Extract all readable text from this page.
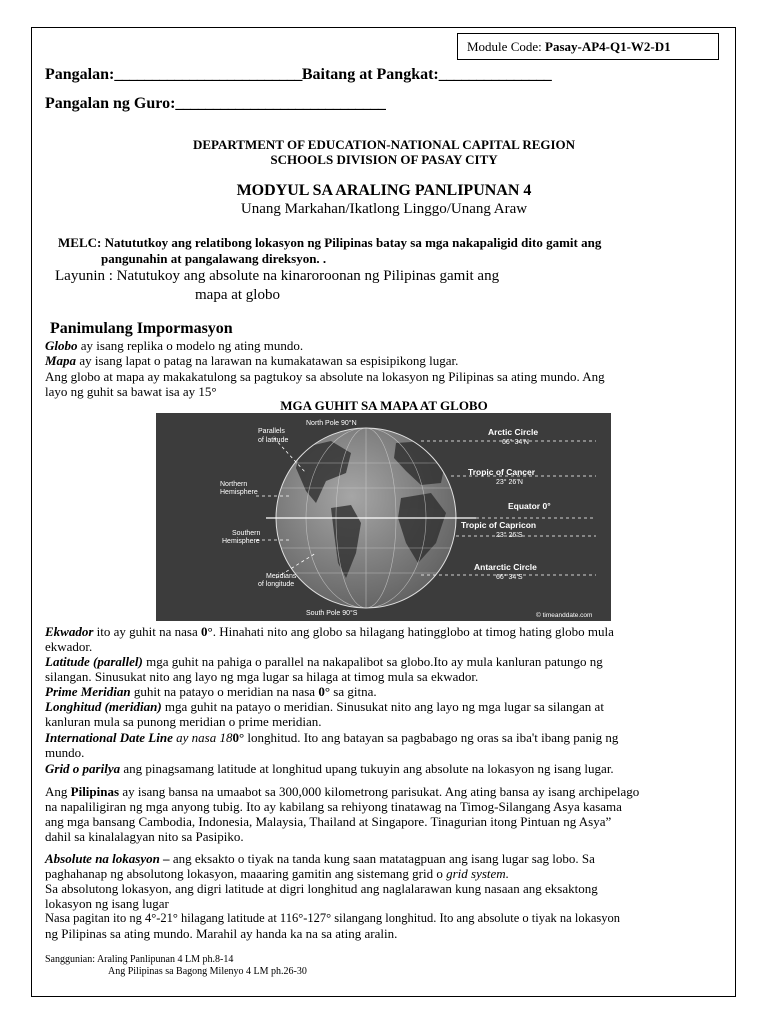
Module Code: Pasay-AP4-Q1-W2-D1
Pangalan:_________________________Baitang at Pangkat:_______________
Pangalan ng Guro:____________________________
DEPARTMENT OF EDUCATION-NATIONAL CAPITAL REGION
SCHOOLS DIVISION OF PASAY CITY
MODYUL SA ARALING PANLIPUNAN 4
Unang Markahan/Ikatlong Linggo/Unang Araw
MELC: Natututkoy ang relatibong lokasyon ng Pilipinas batay sa mga nakapaligid dito gamit ang
pangunahin at pangalawang direksyon. .
Layunin : Natutukoy ang absolute na kinaroroonan ng Pilipinas gamit ang
mapa at globo
Panimulang Impormasyon
Globo ay isang replika o modelo ng ating mundo.
Mapa ay isang lapat o patag na larawan na kumakatawan sa espisipikong lugar.
Ang globo at mapa ay makakatulong sa pagtukoy sa absolute na lokasyon ng Pilipinas sa ating mundo. Ang
layo ng guhit sa bawat isa ay 15°
MGA GUHIT SA MAPA AT GLOBO
North Pole 90°N
South Pole 90°S
Parallels
of latitude
Northern
Hemisphere
Southern
Hemisphere
Meridians
of longitude
Arctic Circle
66° 34’N
Tropic of Cancer
23° 26’N
Equator 0°
Tropic of Capricon
23° 26’S
Antarctic Circle
66° 34’S
© timeanddate.com
Ekwador ito ay guhit na nasa 0°. Hinahati nito ang globo sa hilagang hatingglobo at timog hating globo mula
ekwador.
Latitude (parallel) mga guhit na pahiga o parallel na nakapalibot sa globo.Ito ay mula kanluran patungo ng
silangan. Sinusukat nito ang layo ng mga lugar sa hilaga at timog mula sa ekwador.
Prime Meridian guhit na patayo o meridian na nasa 0° sa gitna.
Longhitud (meridian) mga guhit na patayo o meridian. Sinusukat nito ang layo ng mga lugar sa silangan at
kanluran mula sa punong meridian o prime meridian.
International Date Line ay nasa 180° longhitud. Ito ang batayan sa pagbabago ng oras sa iba't ibang panig ng
mundo.
Grid o parilya ang pinagsamang latitude at longhitud upang tukuyin ang absolute na lokasyon ng isang lugar.
Ang Pilipinas ay isang bansa na umaabot sa 300,000 kilometrong parisukat. Ang ating bansa ay isang archipelago
na napaliligiran ng mga anyong tubig. Ito ay kabilang sa rehiyong tinatawag na Timog-Silangang Asya kasama
ang mga bansang Cambodia, Indonesia, Malaysia, Thailand at Singapore. Tinagurian itong Pintuan ng Asya”
dahil sa kinalalagyan nito sa Pasipiko.
Absolute na lokasyon – ang eksakto o tiyak na tanda kung saan matatagpuan ang isang lugar sag lobo. Sa
paghahanap ng absolutong lokasyon, maaaring gamitin ang sistemang grid o grid system.
Sa absolutong lokasyon, ang digri latitude at digri longhitud ang naglalarawan kung nasaan ang eksaktong
lokasyon ng isang lugar
Nasa pagitan ito ng 4°-21° hilagang latitude at 116°-127° silangang longhitud. Ito ang absolute o tiyak na lokasyon
ng Pilipinas sa ating mundo. Marahil ay handa ka na sa ating aralin.
Sanggunian: Araling Panlipunan 4 LM ph.8-14
Ang Pilipinas sa Bagong Milenyo 4 LM ph.26-30
